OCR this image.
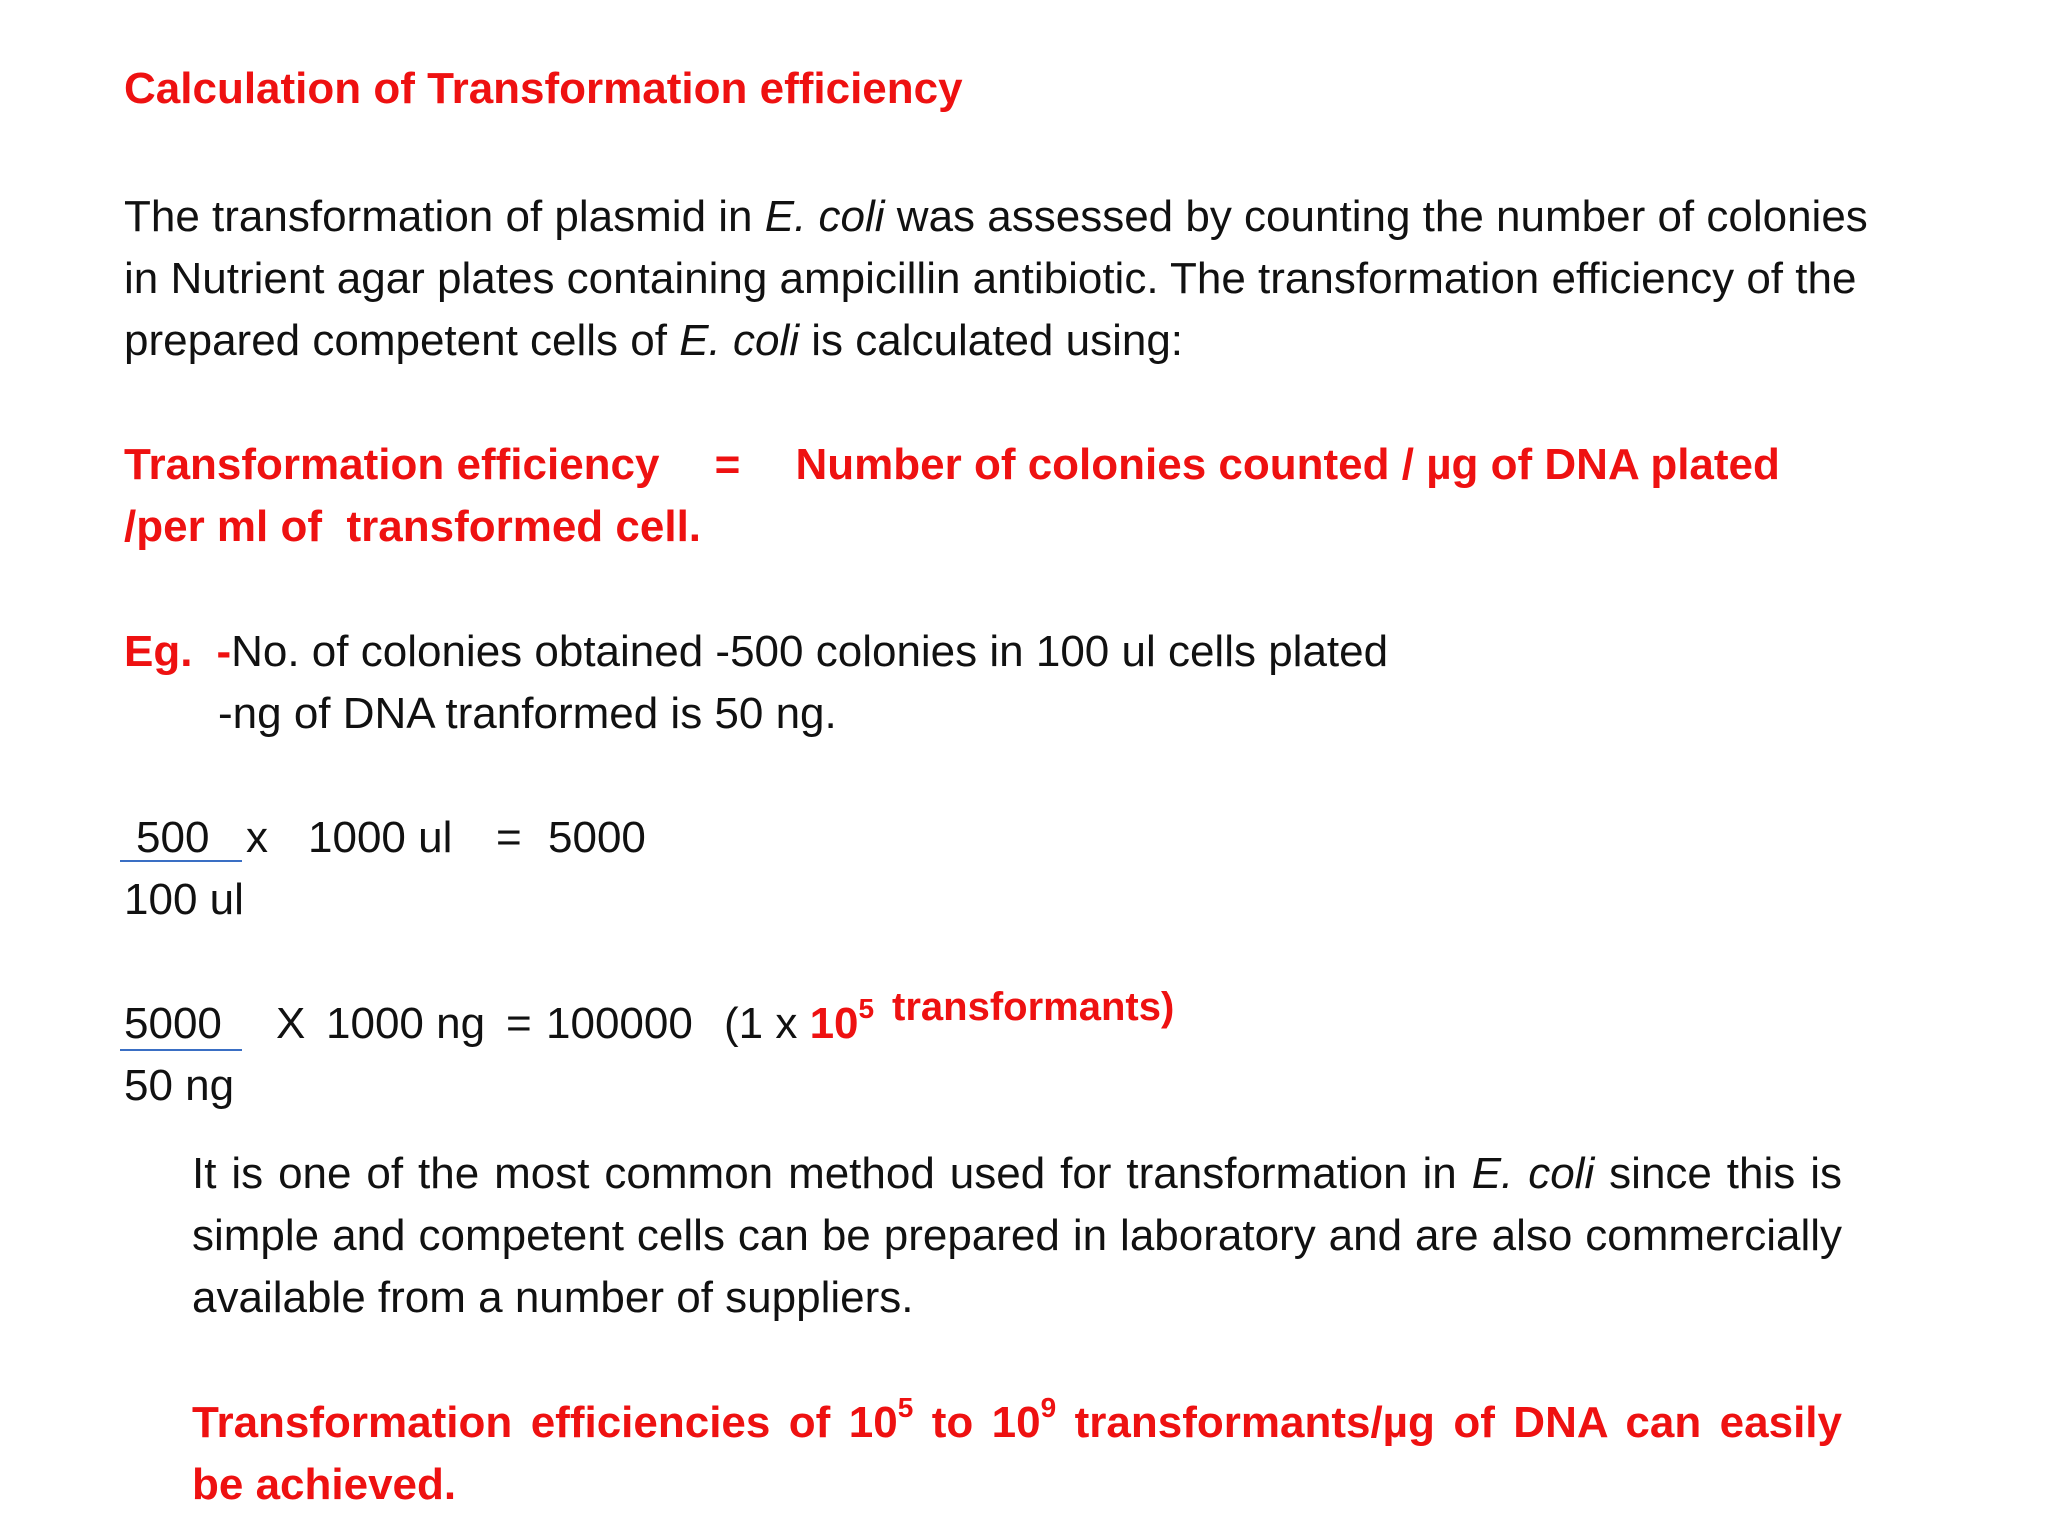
Calculation of Transformation efficiency
The transformation of plasmid in E. coli was assessed by counting the number of colonies in Nutrient agar plates containing ampicillin antibiotic. The transformation efficiency of the prepared competent cells of E. coli is calculated using:
Transformation efficiency = Number of colonies counted / µg of DNA plated
/per ml of  transformed cell.
Eg. -No. of colonies obtained -500 colonies in 100 ul cells plated
-ng of DNA tranformed is 50 ng.
500 x 1000 ul = 5000
100 ul
5000 X 1000 ng = 100000 (1 x $10^5$ transformants)
50 ng
It is one of the most common method used for transformation in E. coli since this is simple and competent cells can be prepared in laboratory and are also commercially available from a number of suppliers.
Transformation efficiencies of $10^5$ to $10^9$ transformants/µg of DNA can easily be achieved.
